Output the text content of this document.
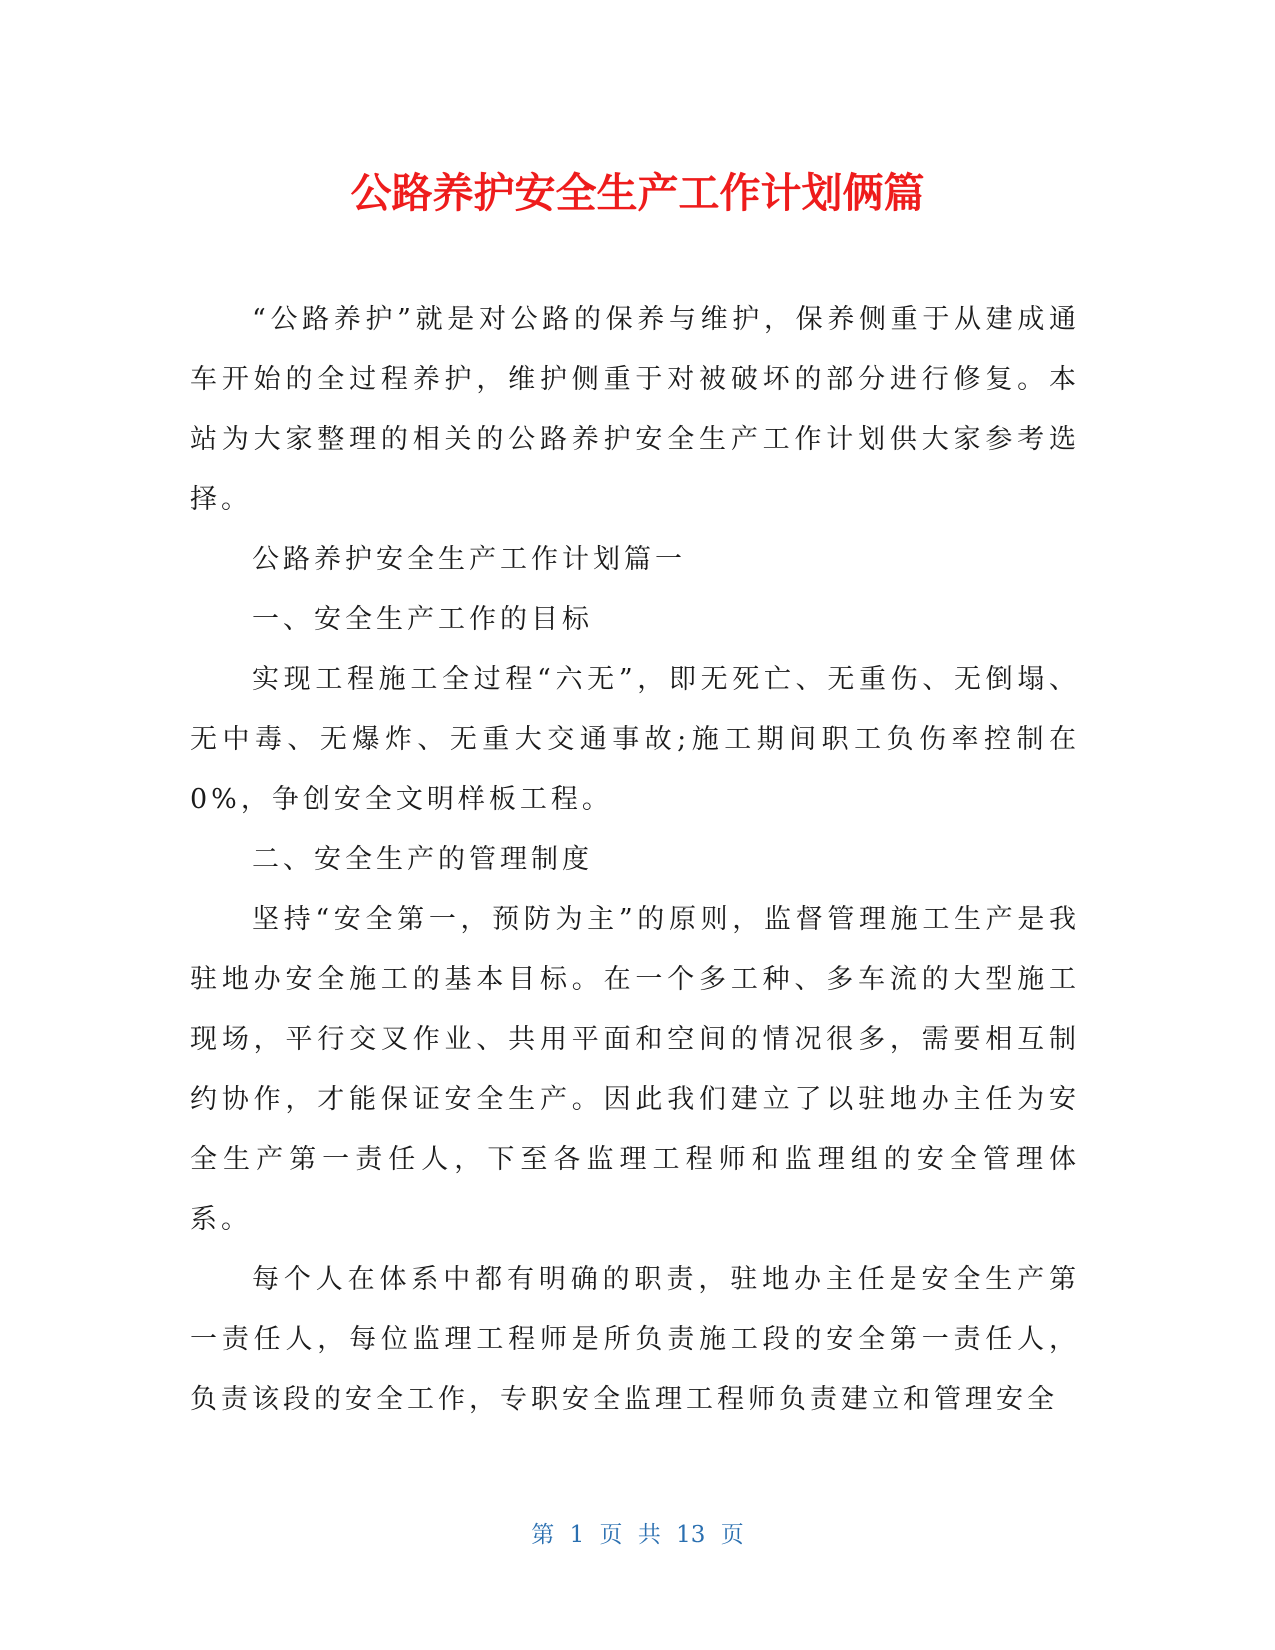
公路养护安全生产工作计划俩篇

“公路养护”就是对公路的保养与维护，保养侧重于从建成通车开始的全过程养护，维护侧重于对被破坏的部分进行修复。本站为大家整理的相关的公路养护安全生产工作计划供大家参考选择。

公路养护安全生产工作计划篇一

一、安全生产工作的目标

实现工程施工全过程“六无”，即无死亡、无重伤、无倒塌、无中毒、无爆炸、无重大交通事故;施工期间职工负伤率控制在0%，争创安全文明样板工程。

二、安全生产的管理制度

坚持“安全第一，预防为主”的原则，监督管理施工生产是我驻地办安全施工的基本目标。在一个多工种、多车流的大型施工现场，平行交叉作业、共用平面和空间的情况很多，需要相互制约协作，才能保证安全生产。因此我们建立了以驻地办主任为安全生产第一责任人，下至各监理工程师和监理组的安全管理体系。

每个人在体系中都有明确的职责，驻地办主任是安全生产第一责任人，每位监理工程师是所负责施工段的安全第一责任人，负责该段的安全工作，专职安全监理工程师负责建立和管理安全

第 1 页 共 13 页
